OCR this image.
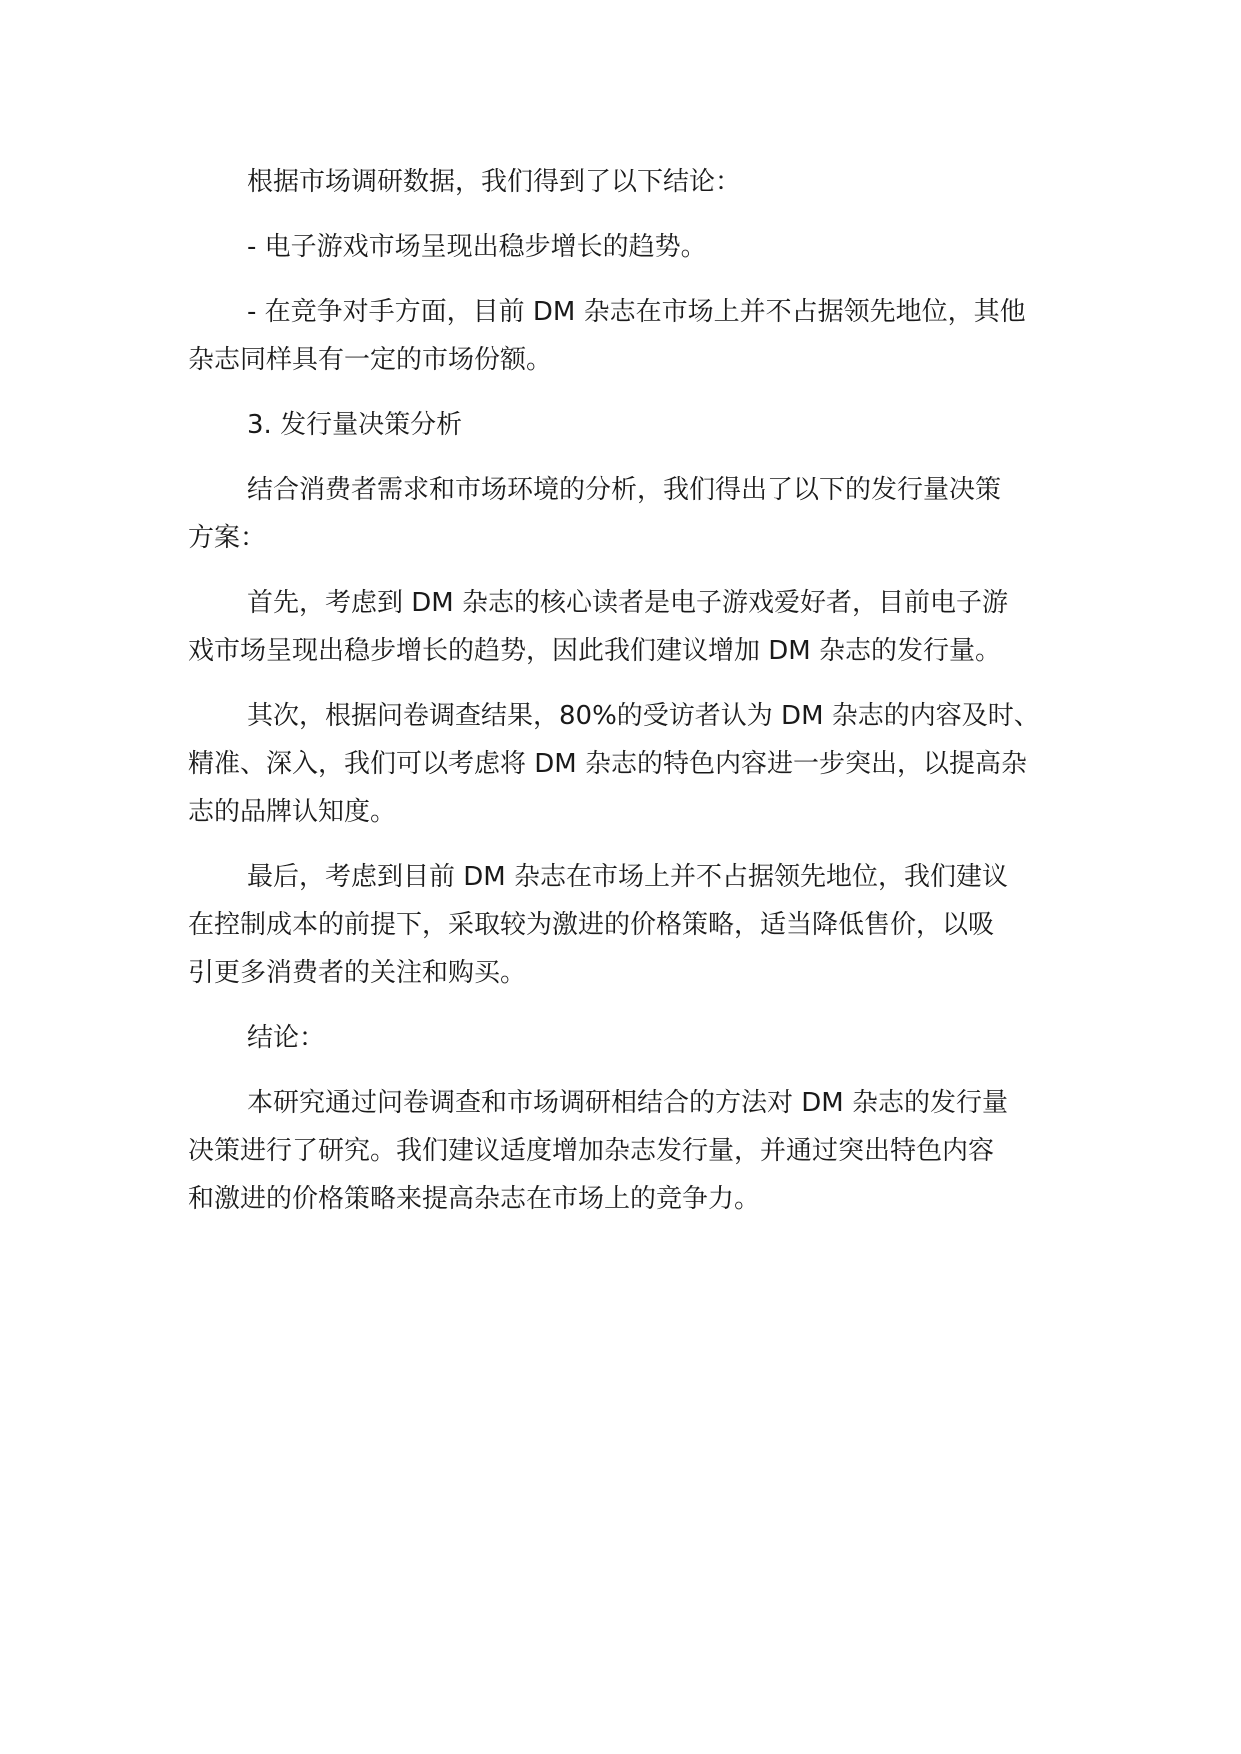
根据市场调研数据，我们得到了以下结论：
- 电子游戏市场呈现出稳步增长的趋势。
- 在竞争对手方面，目前 DM 杂志在市场上并不占据领先地位，其他
杂志同样具有一定的市场份额。
3. 发行量决策分析
结合消费者需求和市场环境的分析，我们得出了以下的发行量决策
方案：
首先，考虑到 DM 杂志的核心读者是电子游戏爱好者，目前电子游
戏市场呈现出稳步增长的趋势，因此我们建议增加 DM 杂志的发行量。
其次，根据问卷调查结果，80%的受访者认为 DM 杂志的内容及时、
精准、深入，我们可以考虑将 DM 杂志的特色内容进一步突出，以提高杂
志的品牌认知度。
最后，考虑到目前 DM 杂志在市场上并不占据领先地位，我们建议
在控制成本的前提下，采取较为激进的价格策略，适当降低售价，以吸
引更多消费者的关注和购买。
结论：
本研究通过问卷调查和市场调研相结合的方法对 DM 杂志的发行量
决策进行了研究。我们建议适度增加杂志发行量，并通过突出特色内容
和激进的价格策略来提高杂志在市场上的竞争力。
